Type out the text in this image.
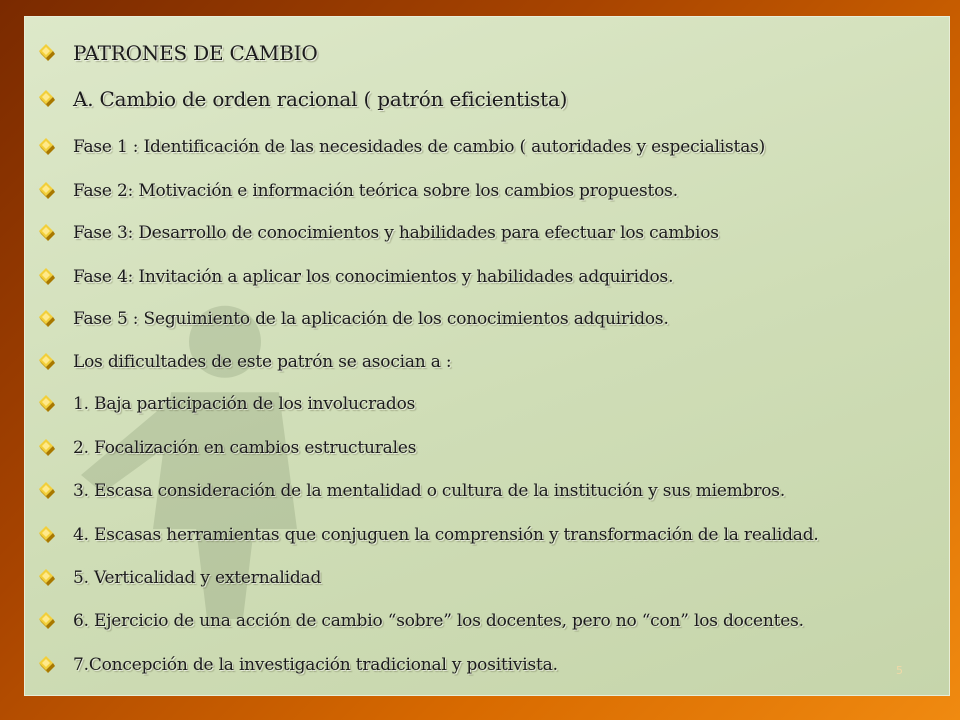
PATRONES DE CAMBIO
A. Cambio de orden racional ( patrón eficientista)
Fase 1 : Identificación de las necesidades de cambio ( autoridades y especialistas)
Fase 2: Motivación e información teórica sobre los cambios propuestos.
Fase 3: Desarrollo de conocimientos y habilidades para efectuar los cambios
Fase 4: Invitación a aplicar los conocimientos y habilidades adquiridos.
Fase 5 : Seguimiento de la aplicación de los conocimientos adquiridos.
Los dificultades de este patrón se asocian a :
1. Baja participación de los involucrados
2. Focalización en cambios estructurales
3. Escasa consideración de la mentalidad o cultura de la institución y sus miembros.
4. Escasas herramientas que conjuguen la comprensión y transformación de la realidad.
5. Verticalidad y externalidad
6. Ejercicio de una acción de cambio “sobre” los docentes, pero no “con” los docentes.
7.Concepción de la investigación tradicional y positivista.	5
